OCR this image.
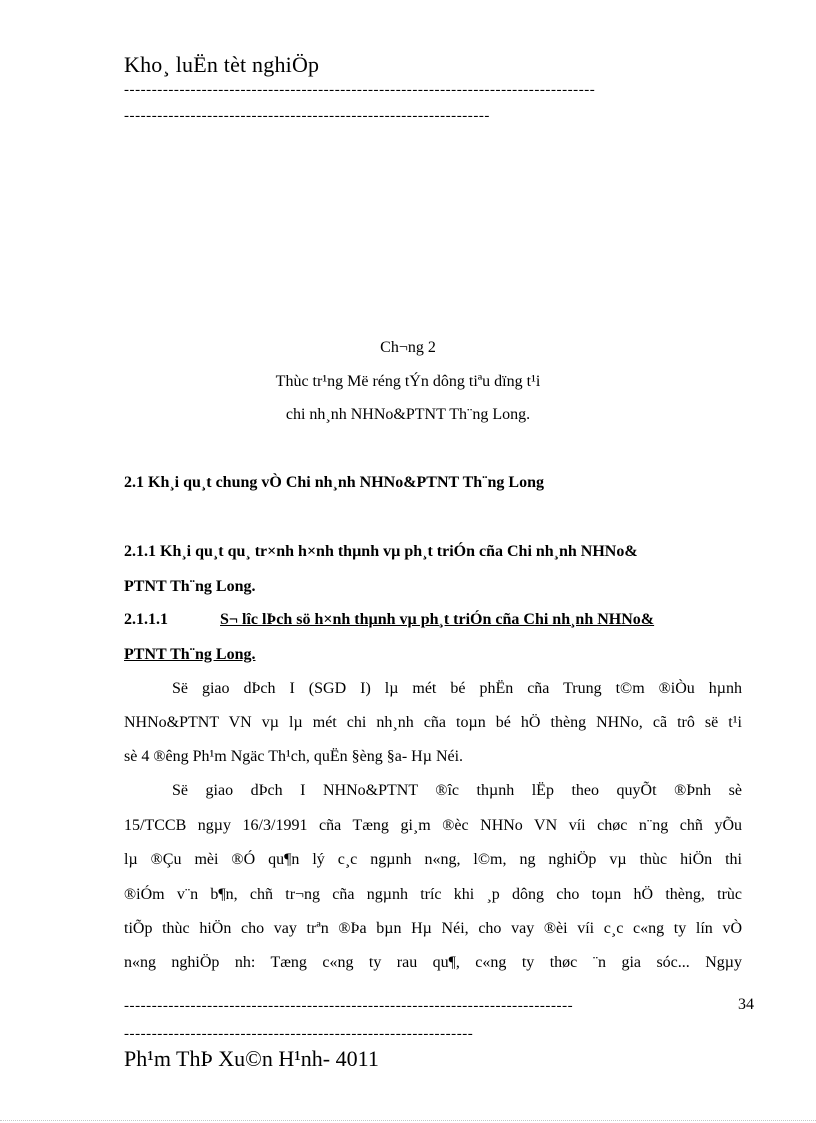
Kho¸ luËn tèt nghiÖp
-------------------------------------------------------------------------------------
------------------------------------------------------------------
Ch¬ng 2
Thùc tr¹ng Më réng tÝn dông tiªu dïng t¹i
chi nh¸nh NHNo&PTNT Th¨ng Long.
2.1 Kh¸i qu¸t chung vÒ Chi nh¸nh NHNo&PTNT Th¨ng Long
2.1.1 Kh¸i qu¸t qu¸ tr×nh h×nh thµnh vµ ph¸t triÓn cña Chi nh¸nh NHNo&
PTNT Th¨ng Long.
2.1.1.1	S¬ lîc lÞch sö h×nh thµnh vµ ph¸t triÓn cña Chi nh¸nh NHNo&
PTNT Th¨ng Long.
Së giao dÞch I (SGD I) lµ mét bé phËn cña Trung t©m ®iÒu hµnh
NHNo&PTNT VN vµ lµ mét chi nh¸nh cña toµn bé hÖ thèng NHNo, cã trô së t¹i
sè 4 ®êng Ph¹m Ngäc Th¹ch, quËn §èng §a- Hµ Néi.
Së giao dÞch I NHNo&PTNT ®îc thµnh lËp theo quyÕt ®Þnh sè
15/TCCB ngµy 16/3/1991 cña Tæng gi¸m ®èc NHNo VN víi chøc n¨ng chñ yÕu
lµ ®Çu mèi ®Ó qu¶n lý c¸c ngµnh n«ng, l©m, ng nghiÖp vµ thùc hiÖn thi
®iÓm v¨n b¶n, chñ tr¬ng cña ngµnh tríc khi ¸p dông cho toµn hÖ thèng, trùc
tiÕp thùc hiÖn cho vay trªn ®Þa bµn Hµ Néi, cho vay ®èi víi c¸c c«ng ty lín vÒ
n«ng nghiÖp nh: Tæng c«ng ty rau qu¶, c«ng ty thøc ¨n gia sóc... Ngµy
---------------------------------------------------------------------------------	34
---------------------------------------------------------------
Ph¹m ThÞ Xu©n H¹nh- 4011
